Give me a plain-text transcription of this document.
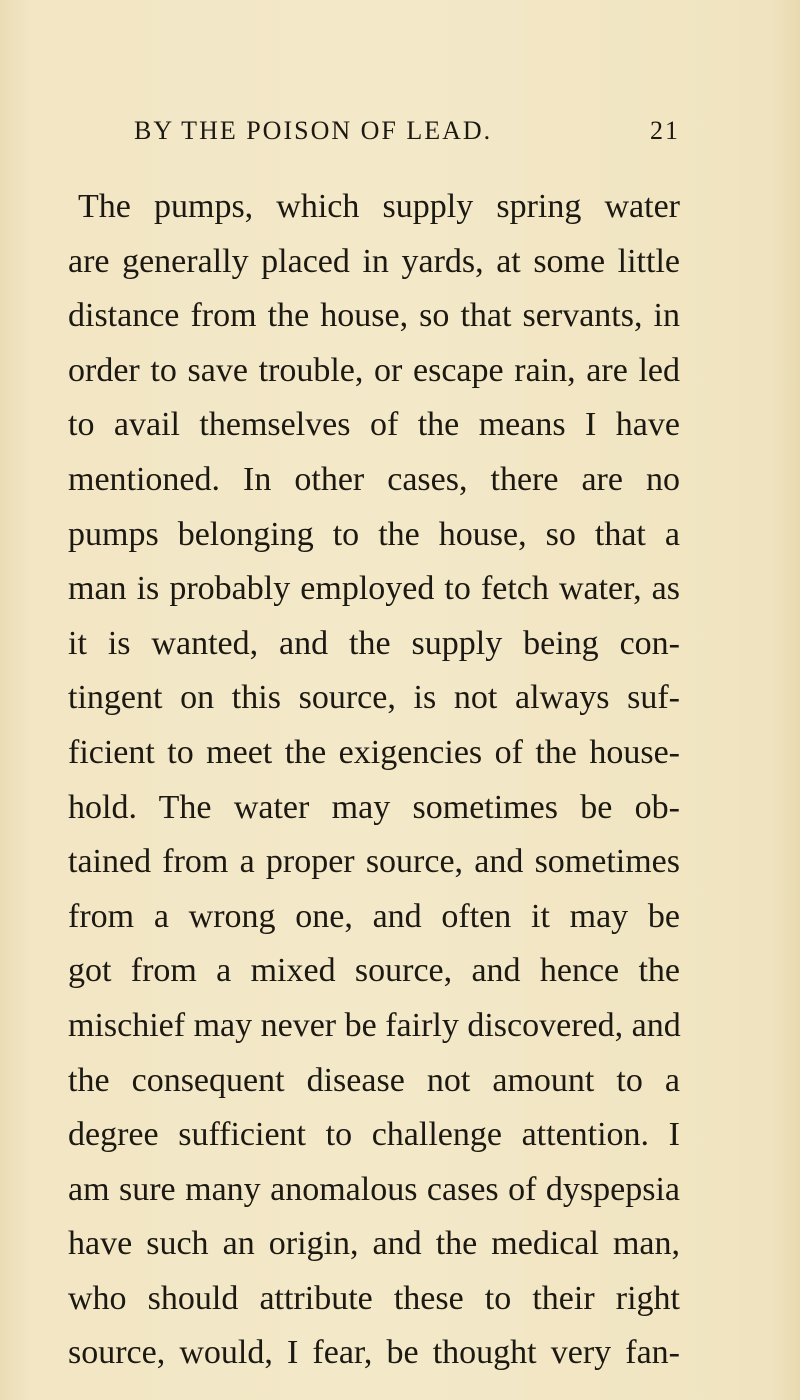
BY THE POISON OF LEAD.	21
The pumps, which supply spring water
are generally placed in yards, at some little
distance from the house, so that servants, in
order to save trouble, or escape rain, are led
to avail themselves of the means I have
mentioned. In other cases, there are no
pumps belonging to the house, so that a
man is probably employed to fetch water, as
it is wanted, and the supply being con-
tingent on this source, is not always suf-
ficient to meet the exigencies of the house-
hold. The water may sometimes be ob-
tained from a proper source, and sometimes
from a wrong one, and often it may be
got from a mixed source, and hence the
mischief may never be fairly discovered, and
the consequent disease not amount to a
degree sufficient to challenge attention. I
am sure many anomalous cases of dyspepsia
have such an origin, and the medical man,
who should attribute these to their right
source, would, I fear, be thought very fan-
